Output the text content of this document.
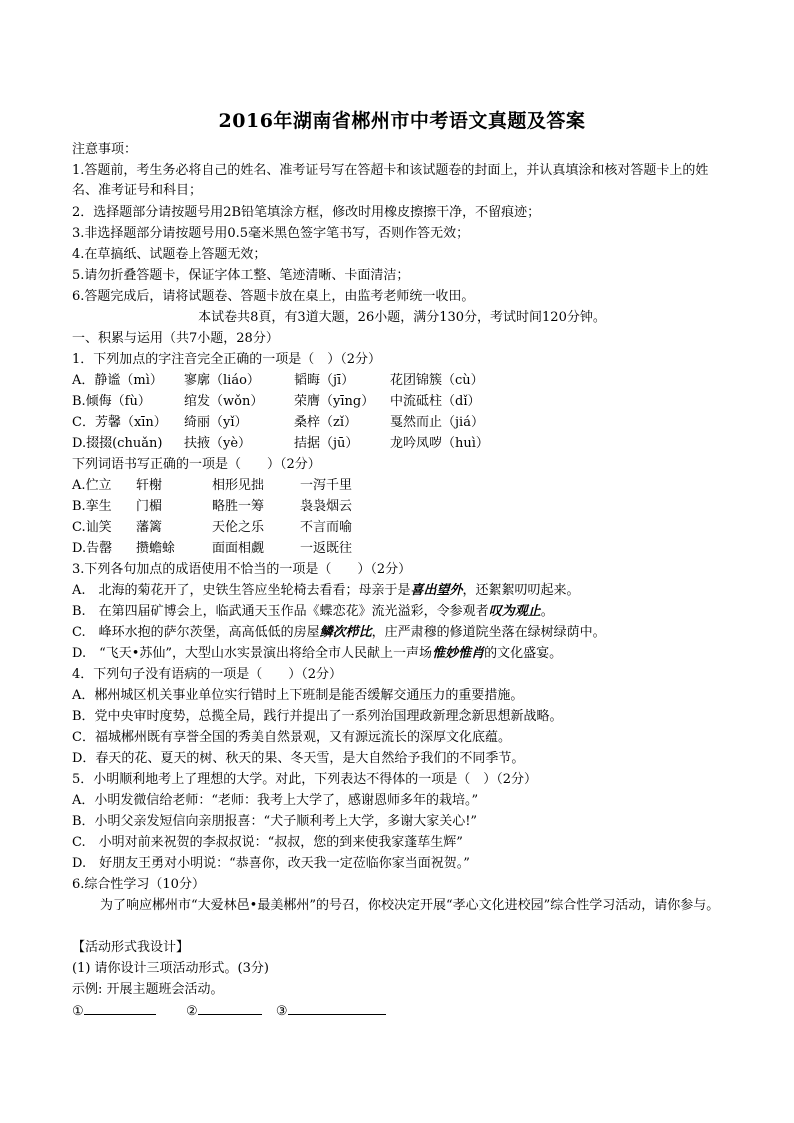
2016年湖南省郴州市中考语文真题及答案
注意事项：
1.答题前，考生务必将自己的姓名、准考证号写在答超卡和该试题卷的封面上，并认真填涂和核对答题卡上的姓名、准考证号和科目；
2．选择题部分请按题号用2B铅笔填涂方框，修改时用橡皮擦擦干净，不留痕迹；
3.非选择题部分请按题号用0.5毫米黑色签字笔书写，否则作答无效；
4.在草搞纸、试题卷上答题无效；
5.请勿折叠答题卡，保证字体工整、笔迹清晰、卡面清洁；
6.答题完成后，请将试题卷、答题卡放在桌上，由监考老师统一收田。
本试卷共8頁，有3道大题，26小题，满分130分，考试时间120分钟。
一、积累与运用（共7小题，28分）
1．下列加点的字注音完全正确的一项是（　）（2分）
A．静谧（mì） 寥廓（liáo）	韬晦（jī）	花团锦簇（cù）
B.倾侮（fù）	绾发（wǒn） 荣膺（yīng） 中流砥柱（dǐ）
C．芳馨（xīn） 绮丽（yǐ）	桑梓（zǐ）	戛然而止（jiá）
D.掇掇(chuǎn) 扶掖（yè）	拮据（jū） 龙吟凤哕（huì）
下列词语书写正确的一项是（　　）（2分）
A.伫立 轩榭	相形见拙	一泻千里
B.挛生 门楣	略胜一筹	袅袅烟云
C.讪笑 藩篱	天伦之乐	不言而喻
D.告罄 攒蟾蜍	面面相觑	一返既往
3.下列各句加点的成语使用不恰当的一项是（　　）（2分）
A.　北海的菊花开了，史铁生答应坐轮椅去看看；母亲于是喜出望外，还絮絮叨叨起来。
B.　在第四届矿博会上，临武通天玉作品《蝶恋花》流光溢彩，令参观者叹为观止。
C.　峰环水抱的萨尔茨堡，高高低低的房屋鳞次栉比，庄严肃穆的修道院坐落在绿树绿荫中。
D.　“飞天•苏仙”，大型山水实景演出将给全市人民献上一声场惟妙惟肖的文化盛宴。
4．下列句子没有语病的一项是（　　）（2分）
A．郴州城区机关事业单位实行错时上下班制是能否缓解交通压力的重要措施。
B．党中央审时度势，总揽全局，践行并提出了一系列治国理政新理念新思想新战略。
C．福城郴州既有享誉全国的秀美自然景观，又有源远流长的深厚文化底蕴。
D．春天的花、夏天的树、秋天的果、冬天雪，是大自然给予我们的不同季节。
5．小明顺利地考上了理想的大学。对此，下列表达不得体的一项是（　）（2分）
A．小明发微信给老师：“老师：我考上大学了，感谢恩师多年的栽培。”
B．小明父亲发短信向亲朋报喜：“犬子顺利考上大学，多谢大家关心!”
C.　小明对前来祝贺的李叔叔说：“叔叔，您的到来使我家蓬荜生辉”
D.　好朋友王勇对小明说：“恭喜你，改天我一定莅临你家当面祝贺。”
6.综合性学习（10分）
为了响应郴州市“大爱林邑•最美郴州”的号召，你校决定开展“孝心文化进校园”综合性学习活动，请你参与。
【活动形式我设计】
(1) 请你设计三项活动形式。(3分)
示例: 开展主题班会活动。
①	②	③
